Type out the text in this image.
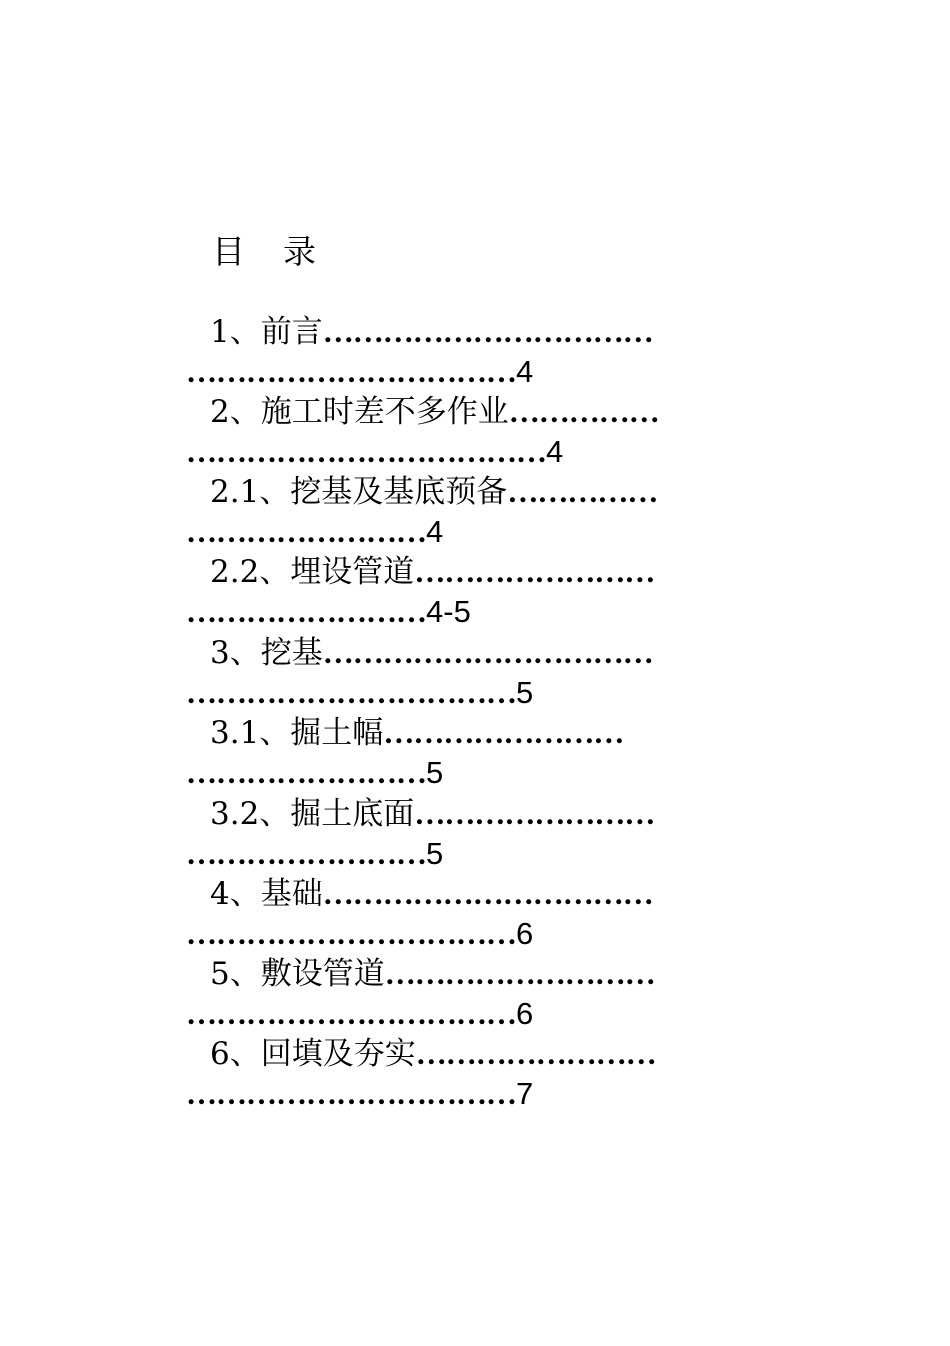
目 录
1、前言……………………………
……………………………4
2、施工时差不多作业……………
………………………………4
2.1、挖基及基底预备……………
……………………4
2.2、埋设管道……………………
……………………4-5
3、挖基……………………………
……………………………5
3.1、掘土幅……………………
……………………5
3.2、掘土底面……………………
……………………5
4、基础……………………………
……………………………6
5、敷设管道………………………
……………………………6
6、回填及夯实……………………
……………………………7
